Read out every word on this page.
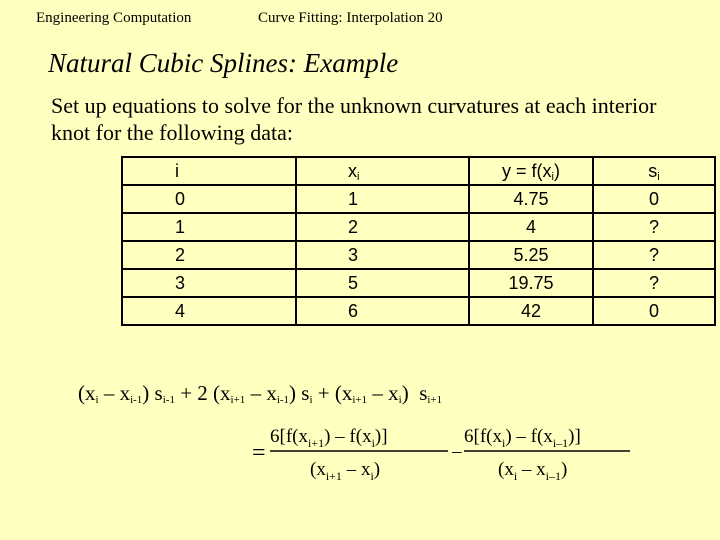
Engineering Computation	Curve Fitting: Interpolation 20
Natural Cubic Splines: Example
Set up equations to solve for the unknown curvatures at each interior knot for the following data:
i	$x_i$	$y = f(x_i)$	$s_i$
0	1	4.75	0
1	2	4	?
2	3	5.25	?
3	5	19.75	?
4	6	42	0
$(x_i - x_{i-1}) s_{i-1} + 2$ $(x_{i+1} - x_{i-1}) s_i + (x_{i+1} - x_i)$  $s_{i+1}$
=
$6[f(x_{i+1}) - f(x_i)]$
$(x_{i+1} - x_i)$
–
$6[f(x_i) - f(x_{i-1})]$
$(x_i - x_{i-1})$
